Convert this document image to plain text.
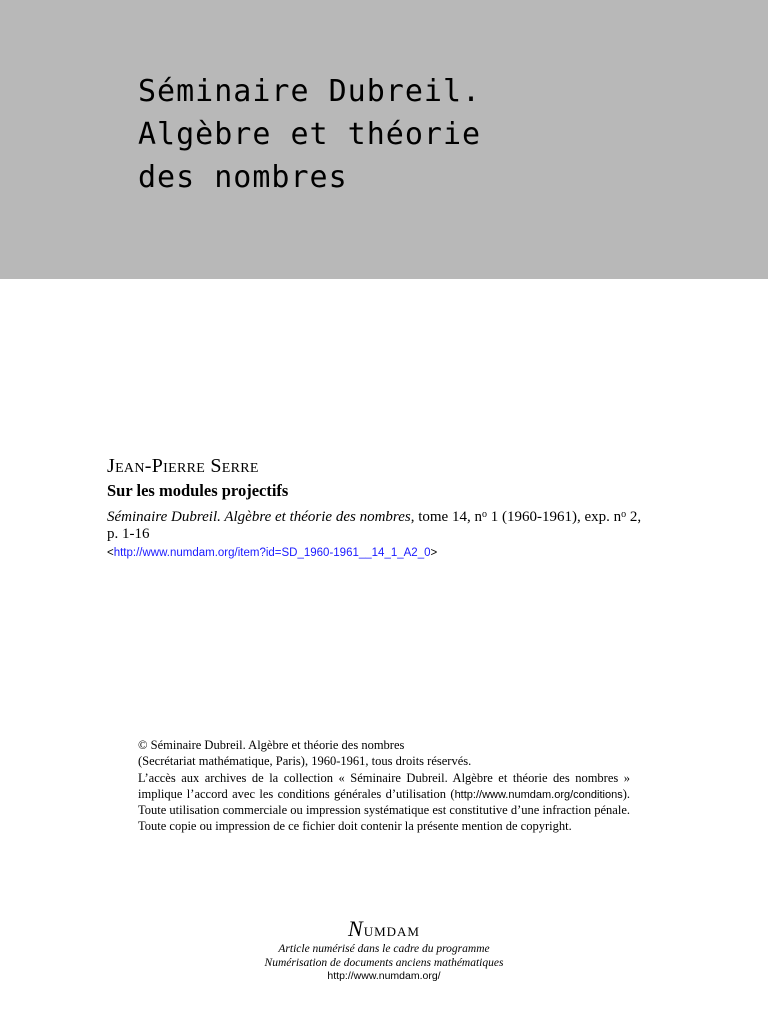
Séminaire Dubreil.
Algèbre et théorie
des nombres
Jean-Pierre Serre
Sur les modules projectifs
Séminaire Dubreil. Algèbre et théorie des nombres, tome 14, $n^o$ 1 (1960-1961), exp. $n^o$ 2,
p. 1-16
<http://www.numdam.org/item?id=SD_1960-1961__14_1_A2_0>

© Séminaire Dubreil. Algèbre et théorie des nombres

(Secrétariat mathématique, Paris), 1960-1961, tous droits réservés.

L’accès aux archives de la collection « Séminaire Dubreil. Algèbre et théorie des nombres » implique l’accord avec les conditions générales d’utilisation (http://www.numdam.org/conditions). Toute utilisation commerciale ou impression systématique est constitutive d’une infraction pénale. Toute copie ou impression de ce fichier doit contenir la présente mention de copyright.

Numdam
Article numérisé dans le cadre du programme
Numérisation de documents anciens mathématiques
http://www.numdam.org/
